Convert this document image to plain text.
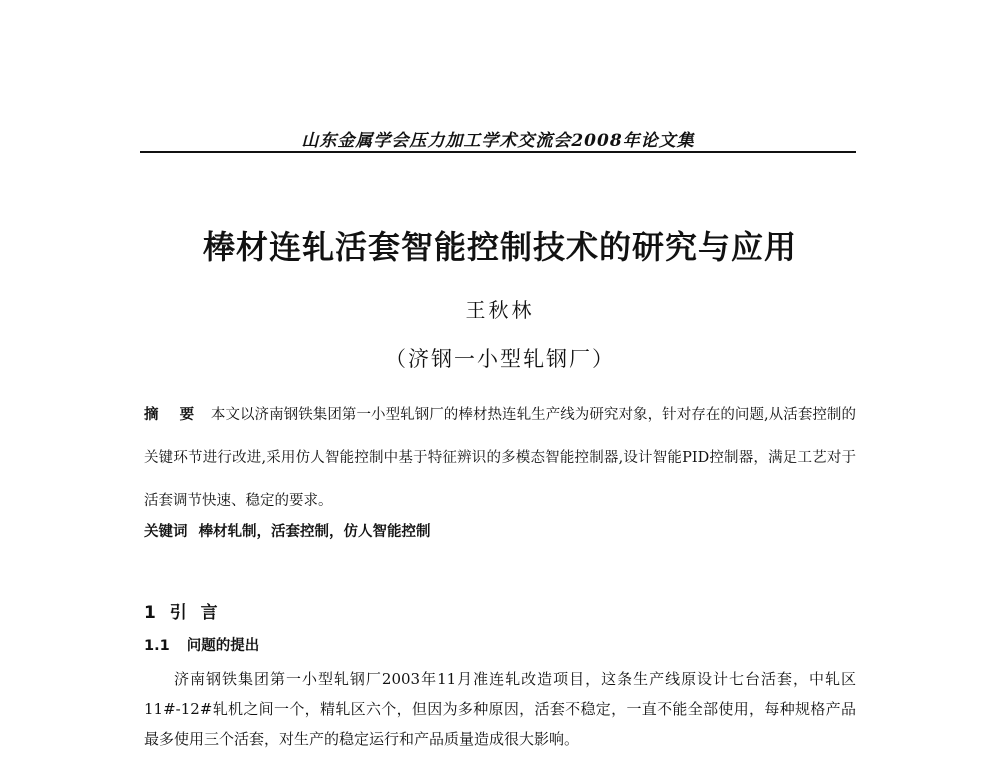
山东金属学会压力加工学术交流会2008年论文集
棒材连轧活套智能控制技术的研究与应用
王秋林
（济钢一小型轧钢厂）
摘 要 本文以济南钢铁集团第一小型轧钢厂的棒材热连轧生产线为研究对象，针对存在的问题,从活套控制的关键环节进行改进,采用仿人智能控制中基于特征辨识的多模态智能控制器,设计智能PID控制器，满足工艺对于活套调节快速、稳定的要求。
关键词 棒材轧制，活套控制，仿人智能控制
1 引 言
1.1 问题的提出
济南钢铁集团第一小型轧钢厂2003年11月准连轧改造项目，这条生产线原设计七台活套，中轧区11#-12#轧机之间一个，精轧区六个，但因为多种原因，活套不稳定，一直不能全部使用，每种规格产品最多使用三个活套，对生产的稳定运行和产品质量造成很大影响。
